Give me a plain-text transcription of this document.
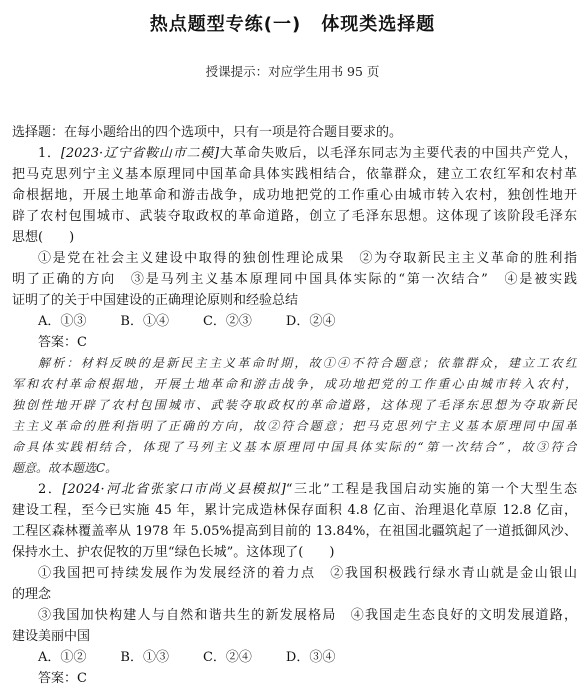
热点题型专练(一) 体现类选择题
授课提示：对应学生用书 95 页
选择题：在每小题给出的四个选项中，只有一项是符合题目要求的。
1．[2023·辽宁省鞍山市二模]大革命失败后，以毛泽东同志为主要代表的中国共产党人，
把马克思列宁主义基本原理同中国革命具体实践相结合，依靠群众，建立工农红军和农村革
命根据地，开展土地革命和游击战争，成功地把党的工作重心由城市转入农村，独创性地开
辟了农村包围城市、武装夺取政权的革命道路，创立了毛泽东思想。这体现了该阶段毛泽东
思想(　　)
①是党在社会主义建设中取得的独创性理论成果　②为夺取新民主主义革命的胜利指
明了正确的方向　③是马列主义基本原理同中国具体实际的“第一次结合”　④是被实践
证明了的关于中国建设的正确理论原则和经验总结
A．①③	B．①④	C．②③	D．②④
答案：C
解析：材料反映的是新民主主义革命时期，故①④不符合题意；依靠群众，建立工农红
军和农村革命根据地，开展土地革命和游击战争，成功地把党的工作重心由城市转入农村，
独创性地开辟了农村包围城市、武装夺取政权的革命道路，这体现了毛泽东思想为夺取新民
主主义革命的胜利指明了正确的方向，故②符合题意；把马克思列宁主义基本原理同中国革
命具体实践相结合，体现了马列主义基本原理同中国具体实际的“第一次结合”，故③符合
题意。故本题选C。
2．[2024·河北省张家口市尚义县模拟]“三北”工程是我国启动实施的第一个大型生态
建设工程，至今已实施 45 年，累计完成造林保存面积 4.8 亿亩、治理退化草原 12.8 亿亩，
工程区森林覆盖率从 1978 年 5.05%提高到目前的 13.84%，在祖国北疆筑起了一道抵御风沙、
保持水土、护农促牧的万里“绿色长城”。这体现了(　　)
①我国把可持续发展作为发展经济的着力点　②我国积极践行绿水青山就是金山银山
的理念
③我国加快构建人与自然和谐共生的新发展格局　④我国走生态良好的文明发展道路，
建设美丽中国
A．①②	B．①③	C．②④	D．③④
答案：C
